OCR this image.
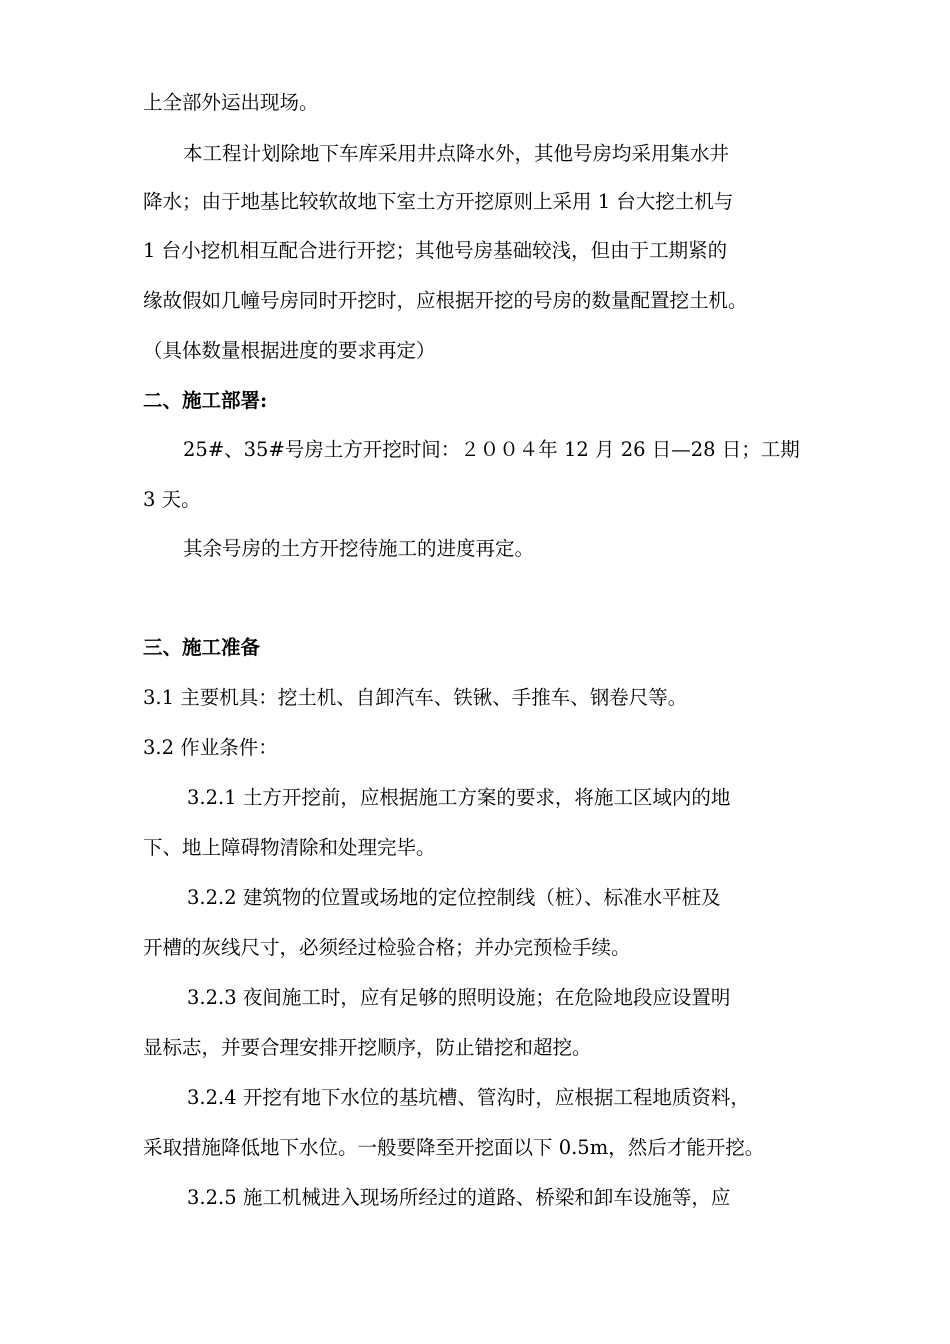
上全部外运出现场。
本工程计划除地下车库采用井点降水外，其他号房均采用集水井
降水；由于地基比较软故地下室土方开挖原则上采用 1 台大挖土机与
1 台小挖机相互配合进行开挖；其他号房基础较浅，但由于工期紧的
缘故假如几幢号房同时开挖时，应根据开挖的号房的数量配置挖土机。
（具体数量根据进度的要求再定）
二、施工部署:
25#、35#号房土方开挖时间：２００４年 12 月 26 日—28 日；工期
3 天。
其余号房的土方开挖待施工的进度再定。
三、施工准备
3.1 主要机具：挖土机、自卸汽车、铁锹、手推车、钢卷尺等。
3.2 作业条件：
3.2.1 土方开挖前，应根据施工方案的要求，将施工区域内的地
下、地上障碍物清除和处理完毕。
3.2.2 建筑物的位置或场地的定位控制线（桩）、标准水平桩及
开槽的灰线尺寸，必须经过检验合格；并办完预检手续。
3.2.3 夜间施工时，应有足够的照明设施；在危险地段应设置明
显标志，并要合理安排开挖顺序，防止错挖和超挖。
3.2.4 开挖有地下水位的基坑槽、管沟时，应根据工程地质资料，
采取措施降低地下水位。一般要降至开挖面以下 0.5m，然后才能开挖。
3.2.5 施工机械进入现场所经过的道路、桥梁和卸车设施等，应
